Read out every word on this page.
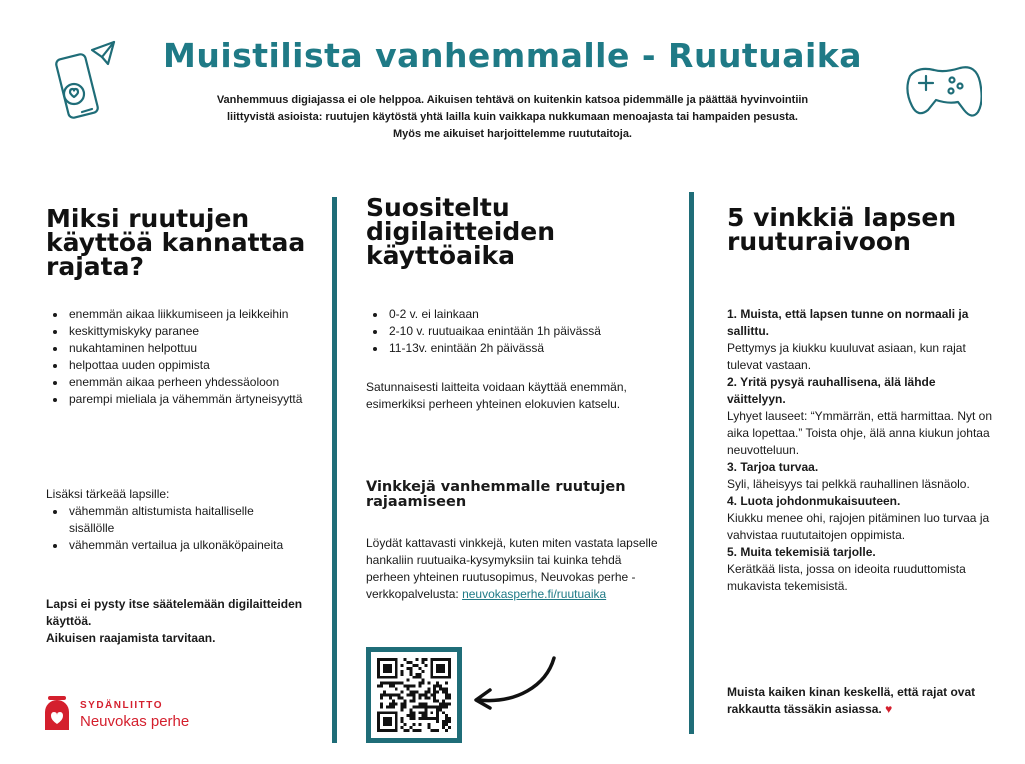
Muistilista vanhemmalle - Ruutuaika
Vanhemmuus digiajassa ei ole helppoa. Aikuisen tehtävä on kuitenkin katsoa pidemmälle ja päättää hyvinvointiin
liittyvistä asioista: ruutujen käytöstä yhtä lailla kuin vaikkapa nukkumaan menoajasta tai hampaiden pesusta.
Myös me aikuiset harjoittelemme ruututaitoja.
Miksi ruutujen käyttöä kannattaa rajata?
• enemmän aikaa liikkumiseen ja leikkeihin
• keskittymiskyky paranee
• nukahtaminen helpottuu
• helpottaa uuden oppimista
• enemmän aikaa perheen yhdessäoloon
• parempi mieliala ja vähemmän ärtyneisyyttä
Lisäksi tärkeää lapsille:
• vähemmän altistumista haitalliselle sisällölle
• vähemmän vertailua ja ulkonäköpaineita
Lapsi ei pysty itse säätelemään digilaitteiden käyttöä.
Aikuisen raajamista tarvitaan.
Suositeltu digilaitteiden käyttöaika
• 0-2 v. ei lainkaan
• 2-10 v. ruutuaikaa enintään 1h päivässä
• 11-13v. enintään 2h päivässä

Satunnaisesti laitteita voidaan käyttää enemmän, esimerkiksi perheen yhteinen elokuvien katselu.

Vinkkejä vanhemmalle ruutujen rajaamiseen

Löydät kattavasti vinkkejä, kuten miten vastata lapselle hankaliin ruutuaika-kysymyksiin tai kuinka tehdä perheen yhteinen ruutusopimus, Neuvokas perhe -verkkopalvelusta: neuvokasperhe.fi/ruutuaika

5 vinkkiä lapsen ruuturaivoon
1. Muista, että lapsen tunne on normaali ja sallittu.
Pettymys ja kiukku kuuluvat asiaan, kun rajat tulevat vastaan.
2. Yritä pysyä rauhallisena, älä lähde väittelyyn.
Lyhyet lauseet: “Ymmärrän, että harmittaa. Nyt on aika lopettaa.” Toista ohje, älä anna kiukun johtaa neuvotteluun.
3. Tarjoa turvaa.
Syli, läheisyys tai pelkkä rauhallinen läsnäolo.
4. Luota johdonmukaisuuteen.
Kiukku menee ohi, rajojen pitäminen luo turvaa ja vahvistaa ruututaitojen oppimista.
5. Muita tekemisiä tarjolle.
Kerätkää lista, jossa on ideoita ruuduttomista mukavista tekemisistä.
Muista kaiken kinan keskellä, että rajat ovat rakkautta tässäkin asiassa. ♥
SYDÄNLIITTO
Neuvokas perhe
